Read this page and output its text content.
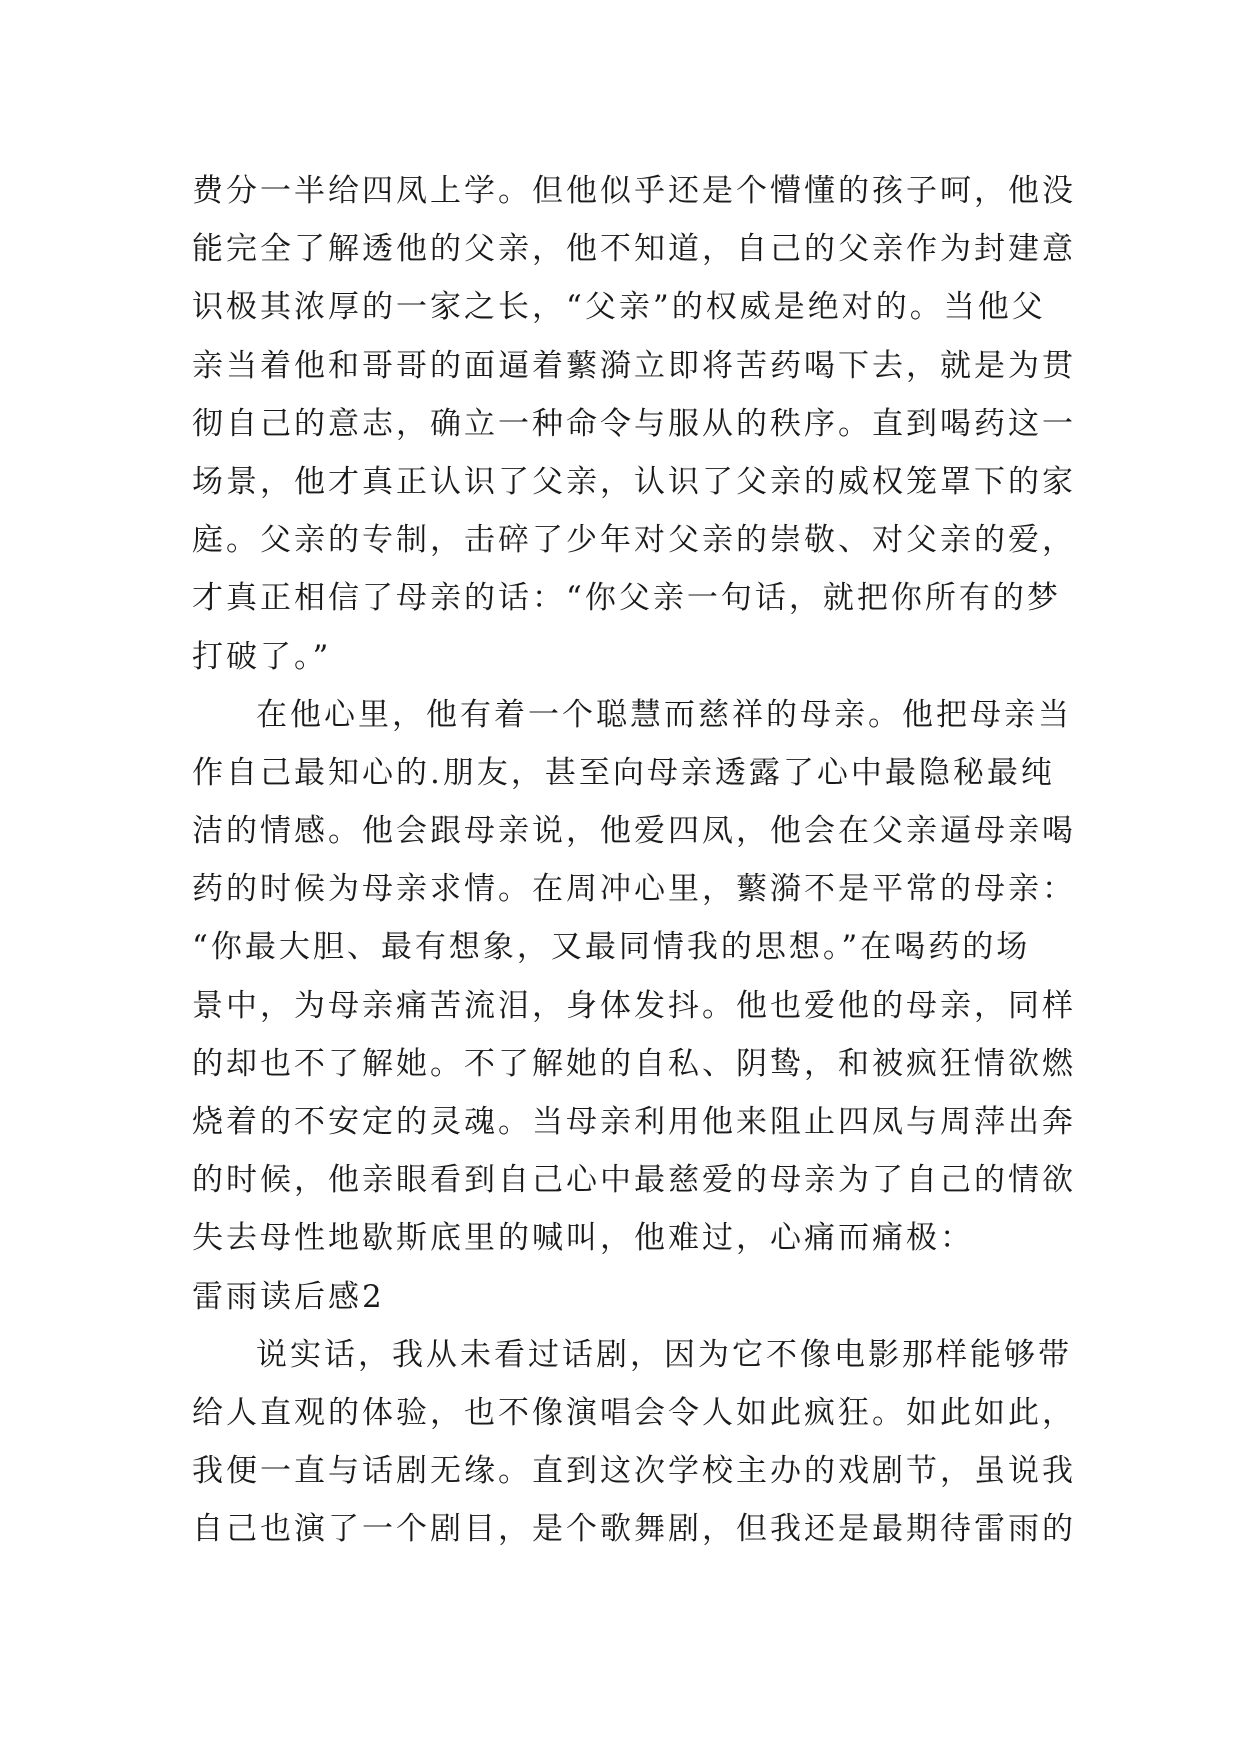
费分一半给四凤上学。但他似乎还是个懵懂的孩子呵，他没
能完全了解透他的父亲，他不知道，自己的父亲作为封建意
识极其浓厚的一家之长，“父亲”的权威是绝对的。当他父
亲当着他和哥哥的面逼着蘩漪立即将苦药喝下去，就是为贯
彻自己的意志，确立一种命令与服从的秩序。直到喝药这一
场景，他才真正认识了父亲，认识了父亲的威权笼罩下的家
庭。父亲的专制，击碎了少年对父亲的崇敬、对父亲的爱，
才真正相信了母亲的话：“你父亲一句话，就把你所有的梦
打破了。”
在他心里，他有着一个聪慧而慈祥的母亲。他把母亲当
作自己最知心的.朋友，甚至向母亲透露了心中最隐秘最纯
洁的情感。他会跟母亲说，他爱四凤，他会在父亲逼母亲喝
药的时候为母亲求情。在周冲心里，蘩漪不是平常的母亲：
“你最大胆、最有想象，又最同情我的思想。”在喝药的场
景中，为母亲痛苦流泪，身体发抖。他也爱他的母亲，同样
的却也不了解她。不了解她的自私、阴鸷，和被疯狂情欲燃
烧着的不安定的灵魂。当母亲利用他来阻止四凤与周萍出奔
的时候，他亲眼看到自己心中最慈爱的母亲为了自己的情欲
失去母性地歇斯底里的喊叫，他难过，心痛而痛极：
雷雨读后感2
说实话，我从未看过话剧，因为它不像电影那样能够带
给人直观的体验，也不像演唱会令人如此疯狂。如此如此，
我便一直与话剧无缘。直到这次学校主办的戏剧节，虽说我
自己也演了一个剧目，是个歌舞剧，但我还是最期待雷雨的
